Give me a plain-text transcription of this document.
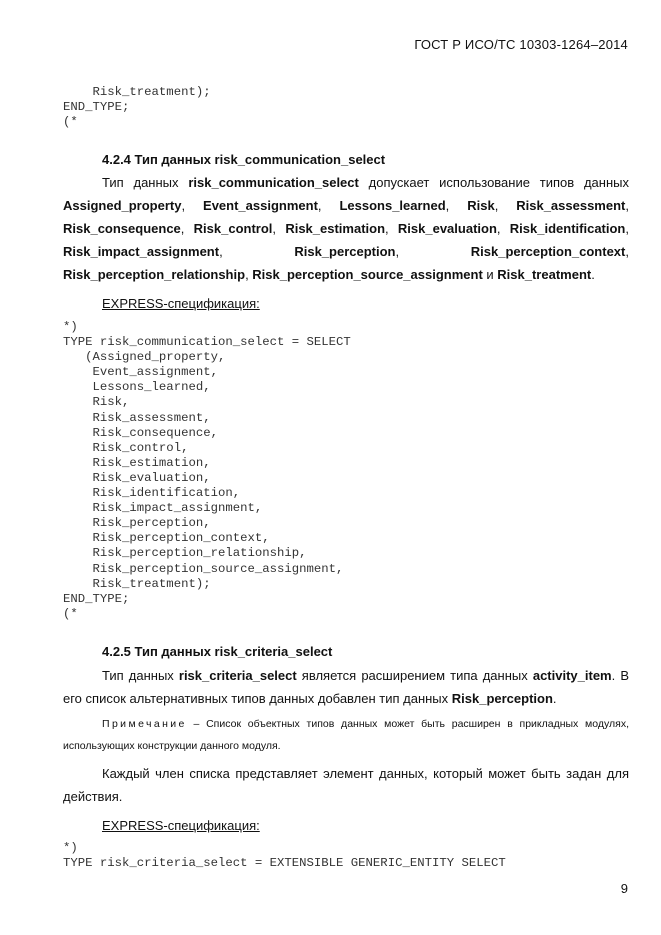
ГОСТ Р ИСО/ТС 10303-1264–2014
Risk_treatment);
END_TYPE;
(*
4.2.4 Тип данных risk_communication_select

Тип данных risk_communication_select допускает использование типов данных Assigned_property, Event_assignment, Lessons_learned, Risk, Risk_assessment, Risk_consequence, Risk_control, Risk_estimation, Risk_evaluation, Risk_identification, Risk_impact_assignment, Risk_perception, Risk_perception_context, Risk_perception_relationship, Risk_perception_source_assignment и Risk_treatment.

EXPRESS-спецификация:
*)
TYPE risk_communication_select = SELECT
(Assigned_property,
Event_assignment,
Lessons_learned,
Risk,
Risk_assessment,
Risk_consequence,
Risk_control,
Risk_estimation,
Risk_evaluation,
Risk_identification,
Risk_impact_assignment,
Risk_perception,
Risk_perception_context,
Risk_perception_relationship,
Risk_perception_source_assignment,
Risk_treatment);
END_TYPE;
(*
4.2.5 Тип данных risk_criteria_select

Тип данных risk_criteria_select является расширением типа данных activity_item. В его список альтернативных типов данных добавлен тип данных Risk_perception.

Примечание – Список объектных типов данных может быть расширен в прикладных модулях, использующих конструкции данного модуля.

Каждый член списка представляет элемент данных, который может быть задан для действия.

EXPRESS-спецификация:
*)
TYPE risk_criteria_select = EXTENSIBLE GENERIC_ENTITY SELECT
9
